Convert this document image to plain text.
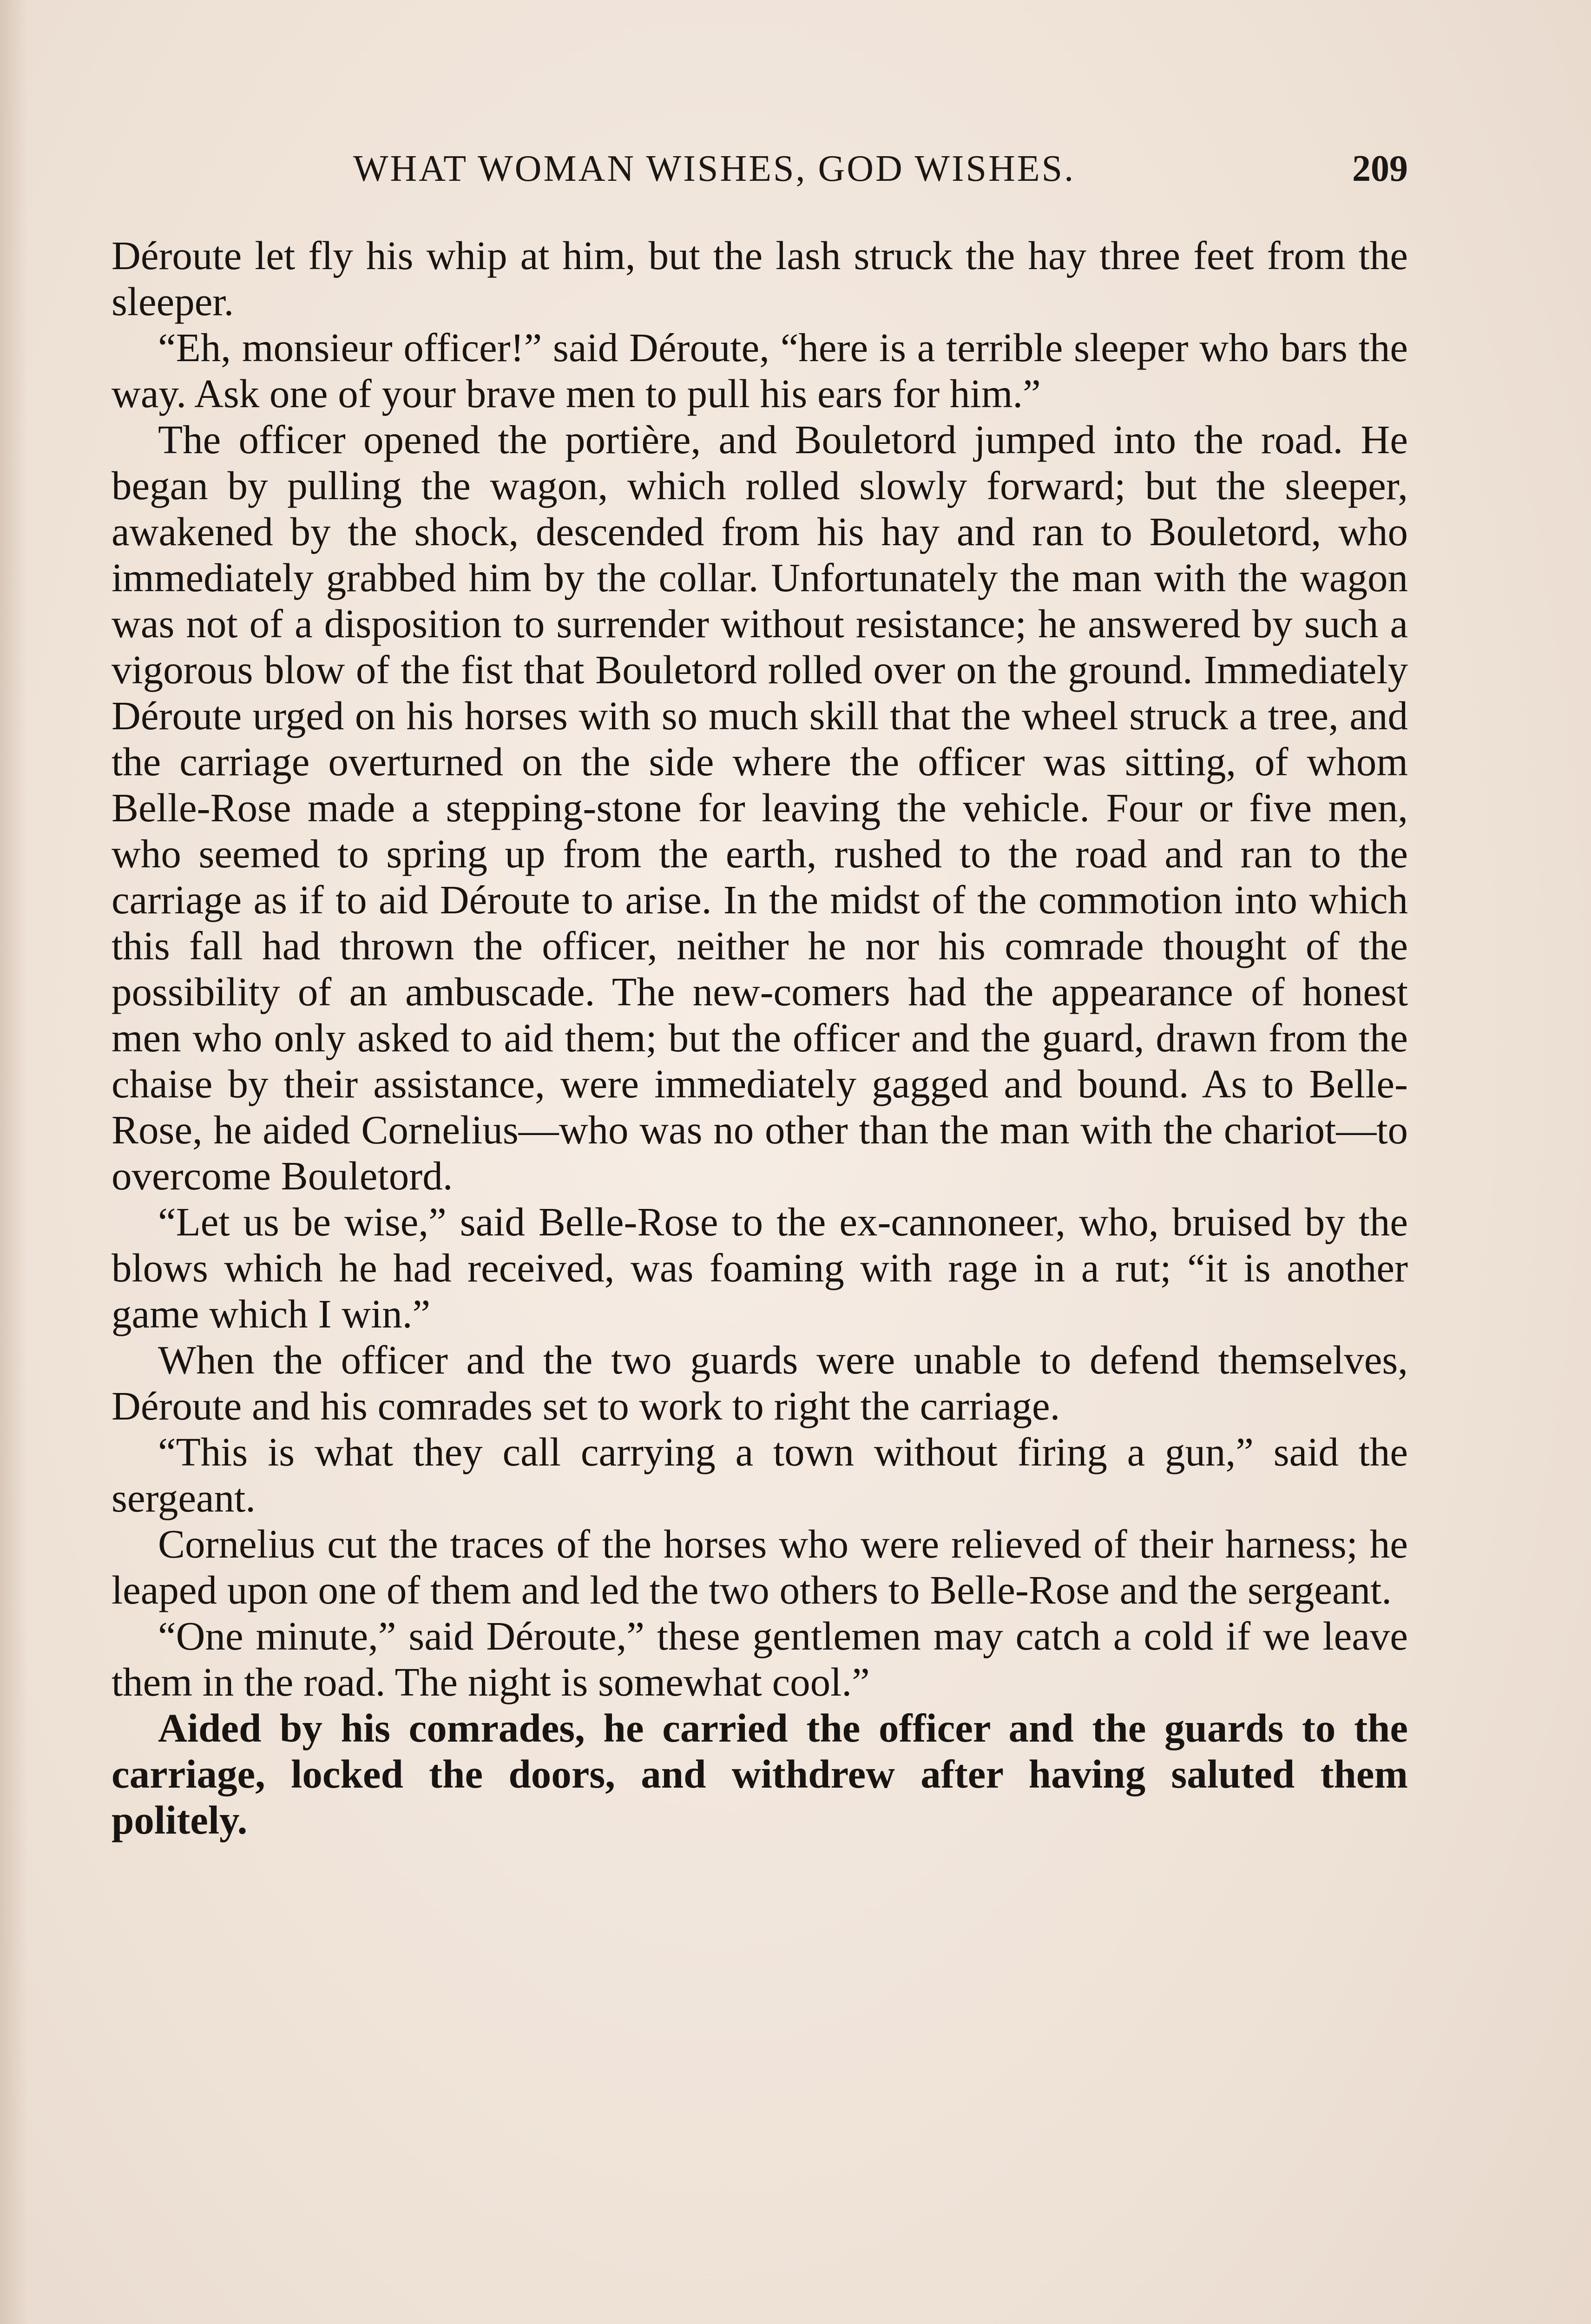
WHAT WOMAN WISHES, GOD WISHES.	209

Déroute let fly his whip at him, but the lash struck the hay three feet from the sleeper.

“Eh, monsieur officer!” said Déroute, “here is a terrible sleeper who bars the way. Ask one of your brave men to pull his ears for him.”

The officer opened the portière, and Bouletord jumped into the road. He began by pulling the wagon, which rolled slowly forward; but the sleeper, awakened by the shock, descended from his hay and ran to Bouletord, who immediately grabbed him by the collar. Unfortunately the man with the wagon was not of a disposition to surrender without resistance; he answered by such a vigorous blow of the fist that Bouletord rolled over on the ground. Immediately Déroute urged on his horses with so much skill that the wheel struck a tree, and the carriage overturned on the side where the officer was sitting, of whom Belle-Rose made a stepping-stone for leaving the vehicle. Four or five men, who seemed to spring up from the earth, rushed to the road and ran to the carriage as if to aid Déroute to arise. In the midst of the commotion into which this fall had thrown the officer, neither he nor his comrade thought of the possibility of an ambuscade. The new-comers had the appearance of honest men who only asked to aid them; but the officer and the guard, drawn from the chaise by their assistance, were immediately gagged and bound. As to Belle-Rose, he aided Cornelius—who was no other than the man with the chariot—to overcome Bouletord.

“Let us be wise,” said Belle-Rose to the ex-cannoneer, who, bruised by the blows which he had received, was foaming with rage in a rut; “it is another game which I win.”

When the officer and the two guards were unable to defend themselves, Déroute and his comrades set to work to right the carriage.

“This is what they call carrying a town without firing a gun,” said the sergeant.

Cornelius cut the traces of the horses who were relieved of their harness; he leaped upon one of them and led the two others to Belle-Rose and the sergeant.

“One minute,” said Déroute,” these gentlemen may catch a cold if we leave them in the road. The night is somewhat cool.”

Aided by his comrades, he carried the officer and the guards to the carriage, locked the doors, and withdrew after having saluted them politely.
